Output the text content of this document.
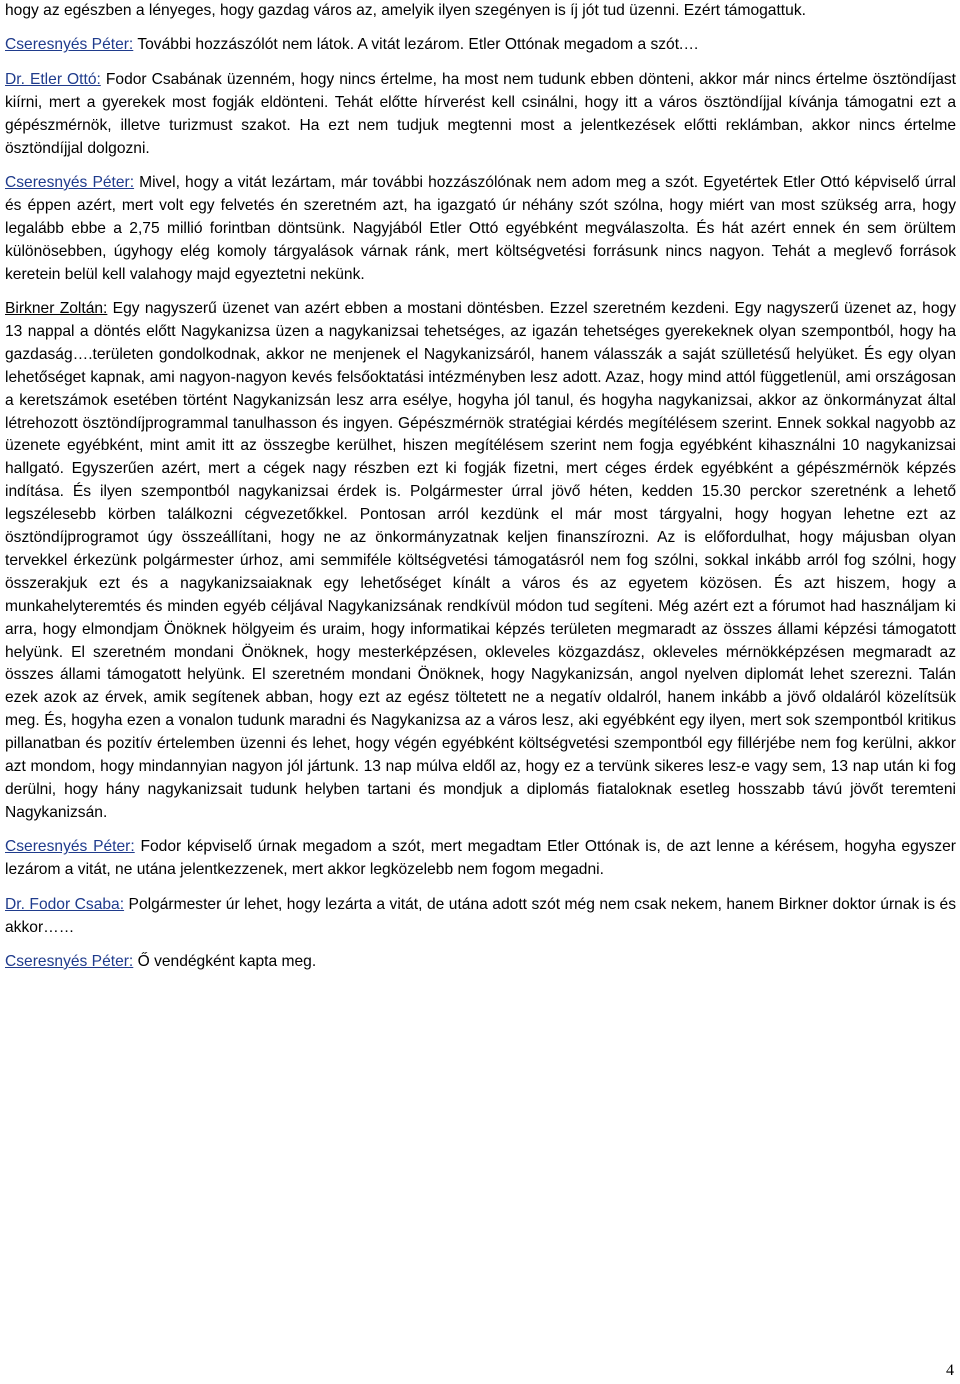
hogy az egészben a lényeges, hogy gazdag város az, amelyik ilyen szegényen is íj jót tud üzenni. Ezért támogattuk.

Cseresnyés Péter: További hozzászólót nem látok. A vitát lezárom. Etler Ottónak megadom a szót.…

Dr. Etler Ottó: Fodor Csabának üzenném, hogy nincs értelme, ha most nem tudunk ebben dönteni, akkor már nincs értelme ösztöndíjast kiírni, mert a gyerekek most fogják eldönteni. Tehát előtte hírverést kell csinálni, hogy itt a város ösztöndíjjal kívánja támogatni ezt a gépészmérnök, illetve turizmust szakot. Ha ezt nem tudjuk megtenni most a jelentkezések előtti reklámban, akkor nincs értelme ösztöndíjjal dolgozni.

Cseresnyés Péter: Mivel, hogy a vitát lezártam, már további hozzászólónak nem adom meg a szót. Egyetértek Etler Ottó képviselő úrral és éppen azért, mert volt egy felvetés én szeretném azt, ha igazgató úr néhány szót szólna, hogy miért van most szükség arra, hogy legalább ebbe a 2,75 millió forintban döntsünk. Nagyjából Etler Ottó egyébként megválaszolta. És hát azért ennek én sem örültem különösebben, úgyhogy elég komoly tárgyalások várnak ránk, mert költségvetési forrásunk nincs nagyon. Tehát a meglevő források keretein belül kell valahogy majd egyeztetni nekünk.

Birkner Zoltán: Egy nagyszerű üzenet van azért ebben a mostani döntésben. Ezzel szeretném kezdeni. Egy nagyszerű üzenet az, hogy 13 nappal a döntés előtt Nagykanizsa üzen a nagykanizsai tehetséges, az igazán tehetséges gyerekeknek olyan szempontból, hogy ha gazdaság….területen gondolkodnak, akkor ne menjenek el Nagykanizsáról, hanem válasszák a saját szülletésű helyüket. És egy olyan lehetőséget kapnak, ami nagyon-nagyon kevés felsőoktatási intézményben lesz adott. Azaz, hogy mind attól függetlenül, ami országosan a keretszámok esetében történt Nagykanizsán lesz arra esélye, hogyha jól tanul, és hogyha nagykanizsai, akkor az önkormányzat által létrehozott ösztöndíjprogrammal tanulhasson és ingyen. Gépészmérnök stratégiai kérdés megítélésem szerint. Ennek sokkal nagyobb az üzenete egyébként, mint amit itt az összegbe kerülhet, hiszen megítélésem szerint nem fogja egyébként kihasználni 10 nagykanizsai hallgató. Egyszerűen azért, mert a cégek nagy részben ezt ki fogják fizetni, mert céges érdek egyébként a gépészmérnök képzés indítása. És ilyen szempontból nagykanizsai érdek is. Polgármester úrral jövő héten, kedden 15.30 perckor szeretnénk a lehető legszélesebb körben találkozni cégvezetőkkel. Pontosan arról kezdünk el már most tárgyalni, hogy hogyan lehetne ezt az ösztöndíjprogramot úgy összeállítani, hogy ne az önkormányzatnak keljen finanszírozni. Az is előfordulhat, hogy májusban olyan tervekkel érkezünk polgármester úrhoz, ami semmiféle költségvetési támogatásról nem fog szólni, sokkal inkább arról fog szólni, hogy összerakjuk ezt és a nagykanizsaiaknak egy lehetőséget kínált a város és az egyetem közösen. És azt hiszem, hogy a munkahelyteremtés és minden egyéb céljával Nagykanizsának rendkívül módon tud segíteni. Még azért ezt a fórumot had használjam ki arra, hogy elmondjam Önöknek hölgyeim és uraim, hogy informatikai képzés területen megmaradt az összes állami képzési támogatott helyünk. El szeretném mondani Önöknek, hogy mesterképzésen, okleveles közgazdász, okleveles mérnökképzésen megmaradt az összes állami támogatott helyünk. El szeretném mondani Önöknek, hogy Nagykanizsán, angol nyelven diplomát lehet szerezni. Talán ezek azok az érvek, amik segítenek abban, hogy ezt az egész töltetett ne a negatív oldalról, hanem inkább a jövő oldaláról közelítsük meg. És, hogyha ezen a vonalon tudunk maradni és Nagykanizsa az a város lesz, aki egyébként egy ilyen, mert sok szempontból kritikus pillanatban és pozitív értelemben üzenni és lehet, hogy végén egyébként költségvetési szempontból egy fillérjébe nem fog kerülni, akkor azt mondom, hogy mindannyian nagyon jól jártunk. 13 nap múlva eldől az, hogy ez a tervünk sikeres lesz-e vagy sem, 13 nap után ki fog derülni, hogy hány nagykanizsait tudunk helyben tartani és mondjuk a diplomás fiataloknak esetleg hosszabb távú jövőt teremteni Nagykanizsán.

Cseresnyés Péter: Fodor képviselő úrnak megadom a szót, mert megadtam Etler Ottónak is, de azt lenne a kérésem, hogyha egyszer lezárom a vitát, ne utána jelentkezzenek, mert akkor legközelebb nem fogom megadni.

Dr. Fodor Csaba: Polgármester úr lehet, hogy lezárta a vitát, de utána adott szót még nem csak nekem, hanem Birkner doktor úrnak is és akkor……

Cseresnyés Péter: Ő vendégként kapta meg.

4
